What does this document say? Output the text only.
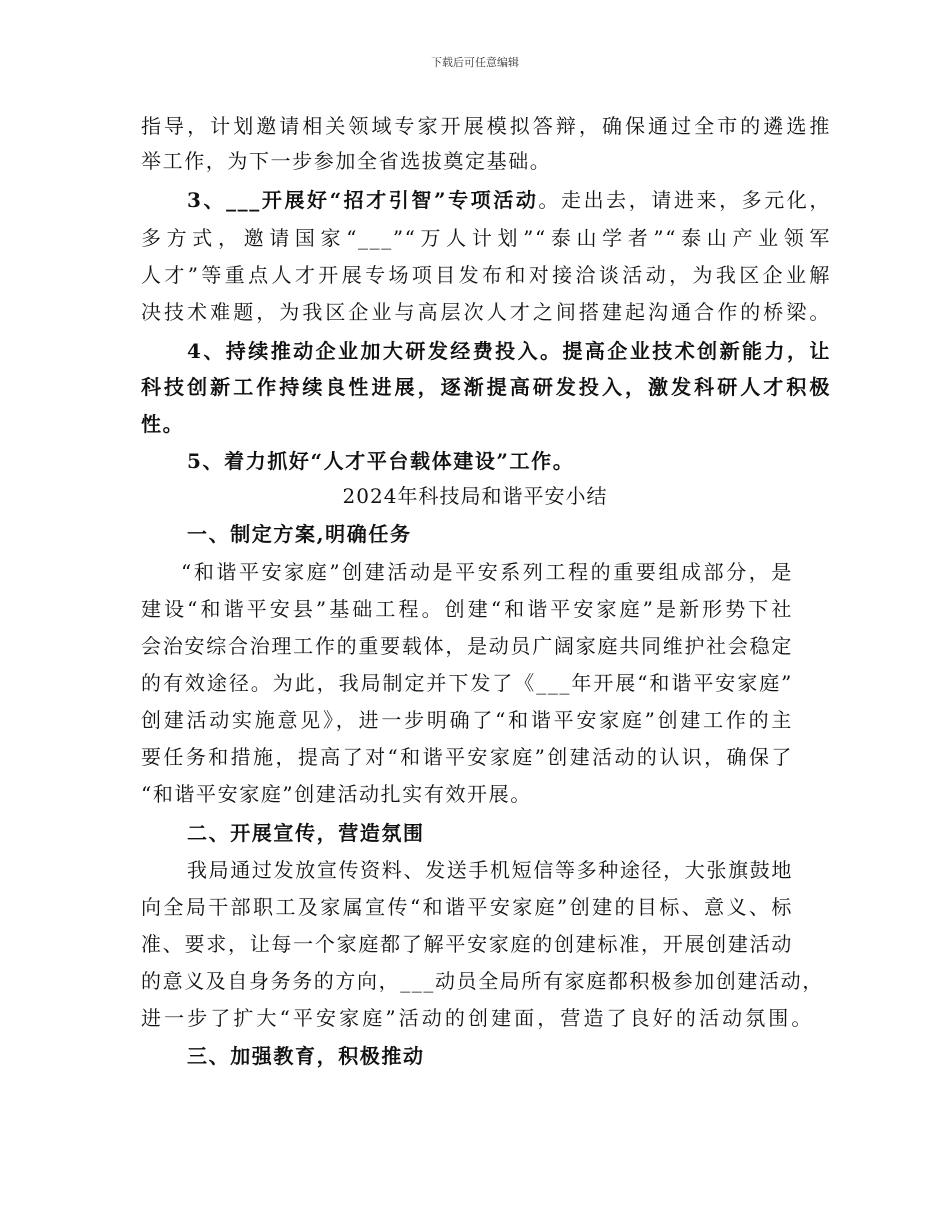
下载后可任意编辑
指导，计划邀请相关领域专家开展模拟答辩，确保通过全市的遴选推
举工作，为下一步参加全省选拔奠定基础。
3、___开展好“招才引智”专项活动。走出去，请进来，多元化，
多方式，邀请国家“___”“万人计划”“泰山学者”“泰山产业领军
人才”等重点人才开展专场项目发布和对接洽谈活动，为我区企业解
决技术难题，为我区企业与高层次人才之间搭建起沟通合作的桥梁。
4、持续推动企业加大研发经费投入。提高企业技术创新能力，让
科技创新工作持续良性进展，逐渐提高研发投入，激发科研人才积极
性。
5、着力抓好“人才平台载体建设”工作。
2024年科技局和谐平安小结
一、制定方案,明确任务
“和谐平安家庭”创建活动是平安系列工程的重要组成部分，是
建设“和谐平安县”基础工程。创建“和谐平安家庭”是新形势下社
会治安综合治理工作的重要载体，是动员广阔家庭共同维护社会稳定
的有效途径。为此，我局制定并下发了《___年开展“和谐平安家庭”
创建活动实施意见》，进一步明确了“和谐平安家庭”创建工作的主
要任务和措施，提高了对“和谐平安家庭”创建活动的认识，确保了
“和谐平安家庭”创建活动扎实有效开展。
二、开展宣传，营造氛围
我局通过发放宣传资料、发送手机短信等多种途径，大张旗鼓地
向全局干部职工及家属宣传“和谐平安家庭”创建的目标、意义、标
准、要求，让每一个家庭都了解平安家庭的创建标准，开展创建活动
的意义及自身务务的方向，___动员全局所有家庭都积极参加创建活动，
进一步了扩大“平安家庭”活动的创建面，营造了良好的活动氛围。
三、加强教育，积极推动
